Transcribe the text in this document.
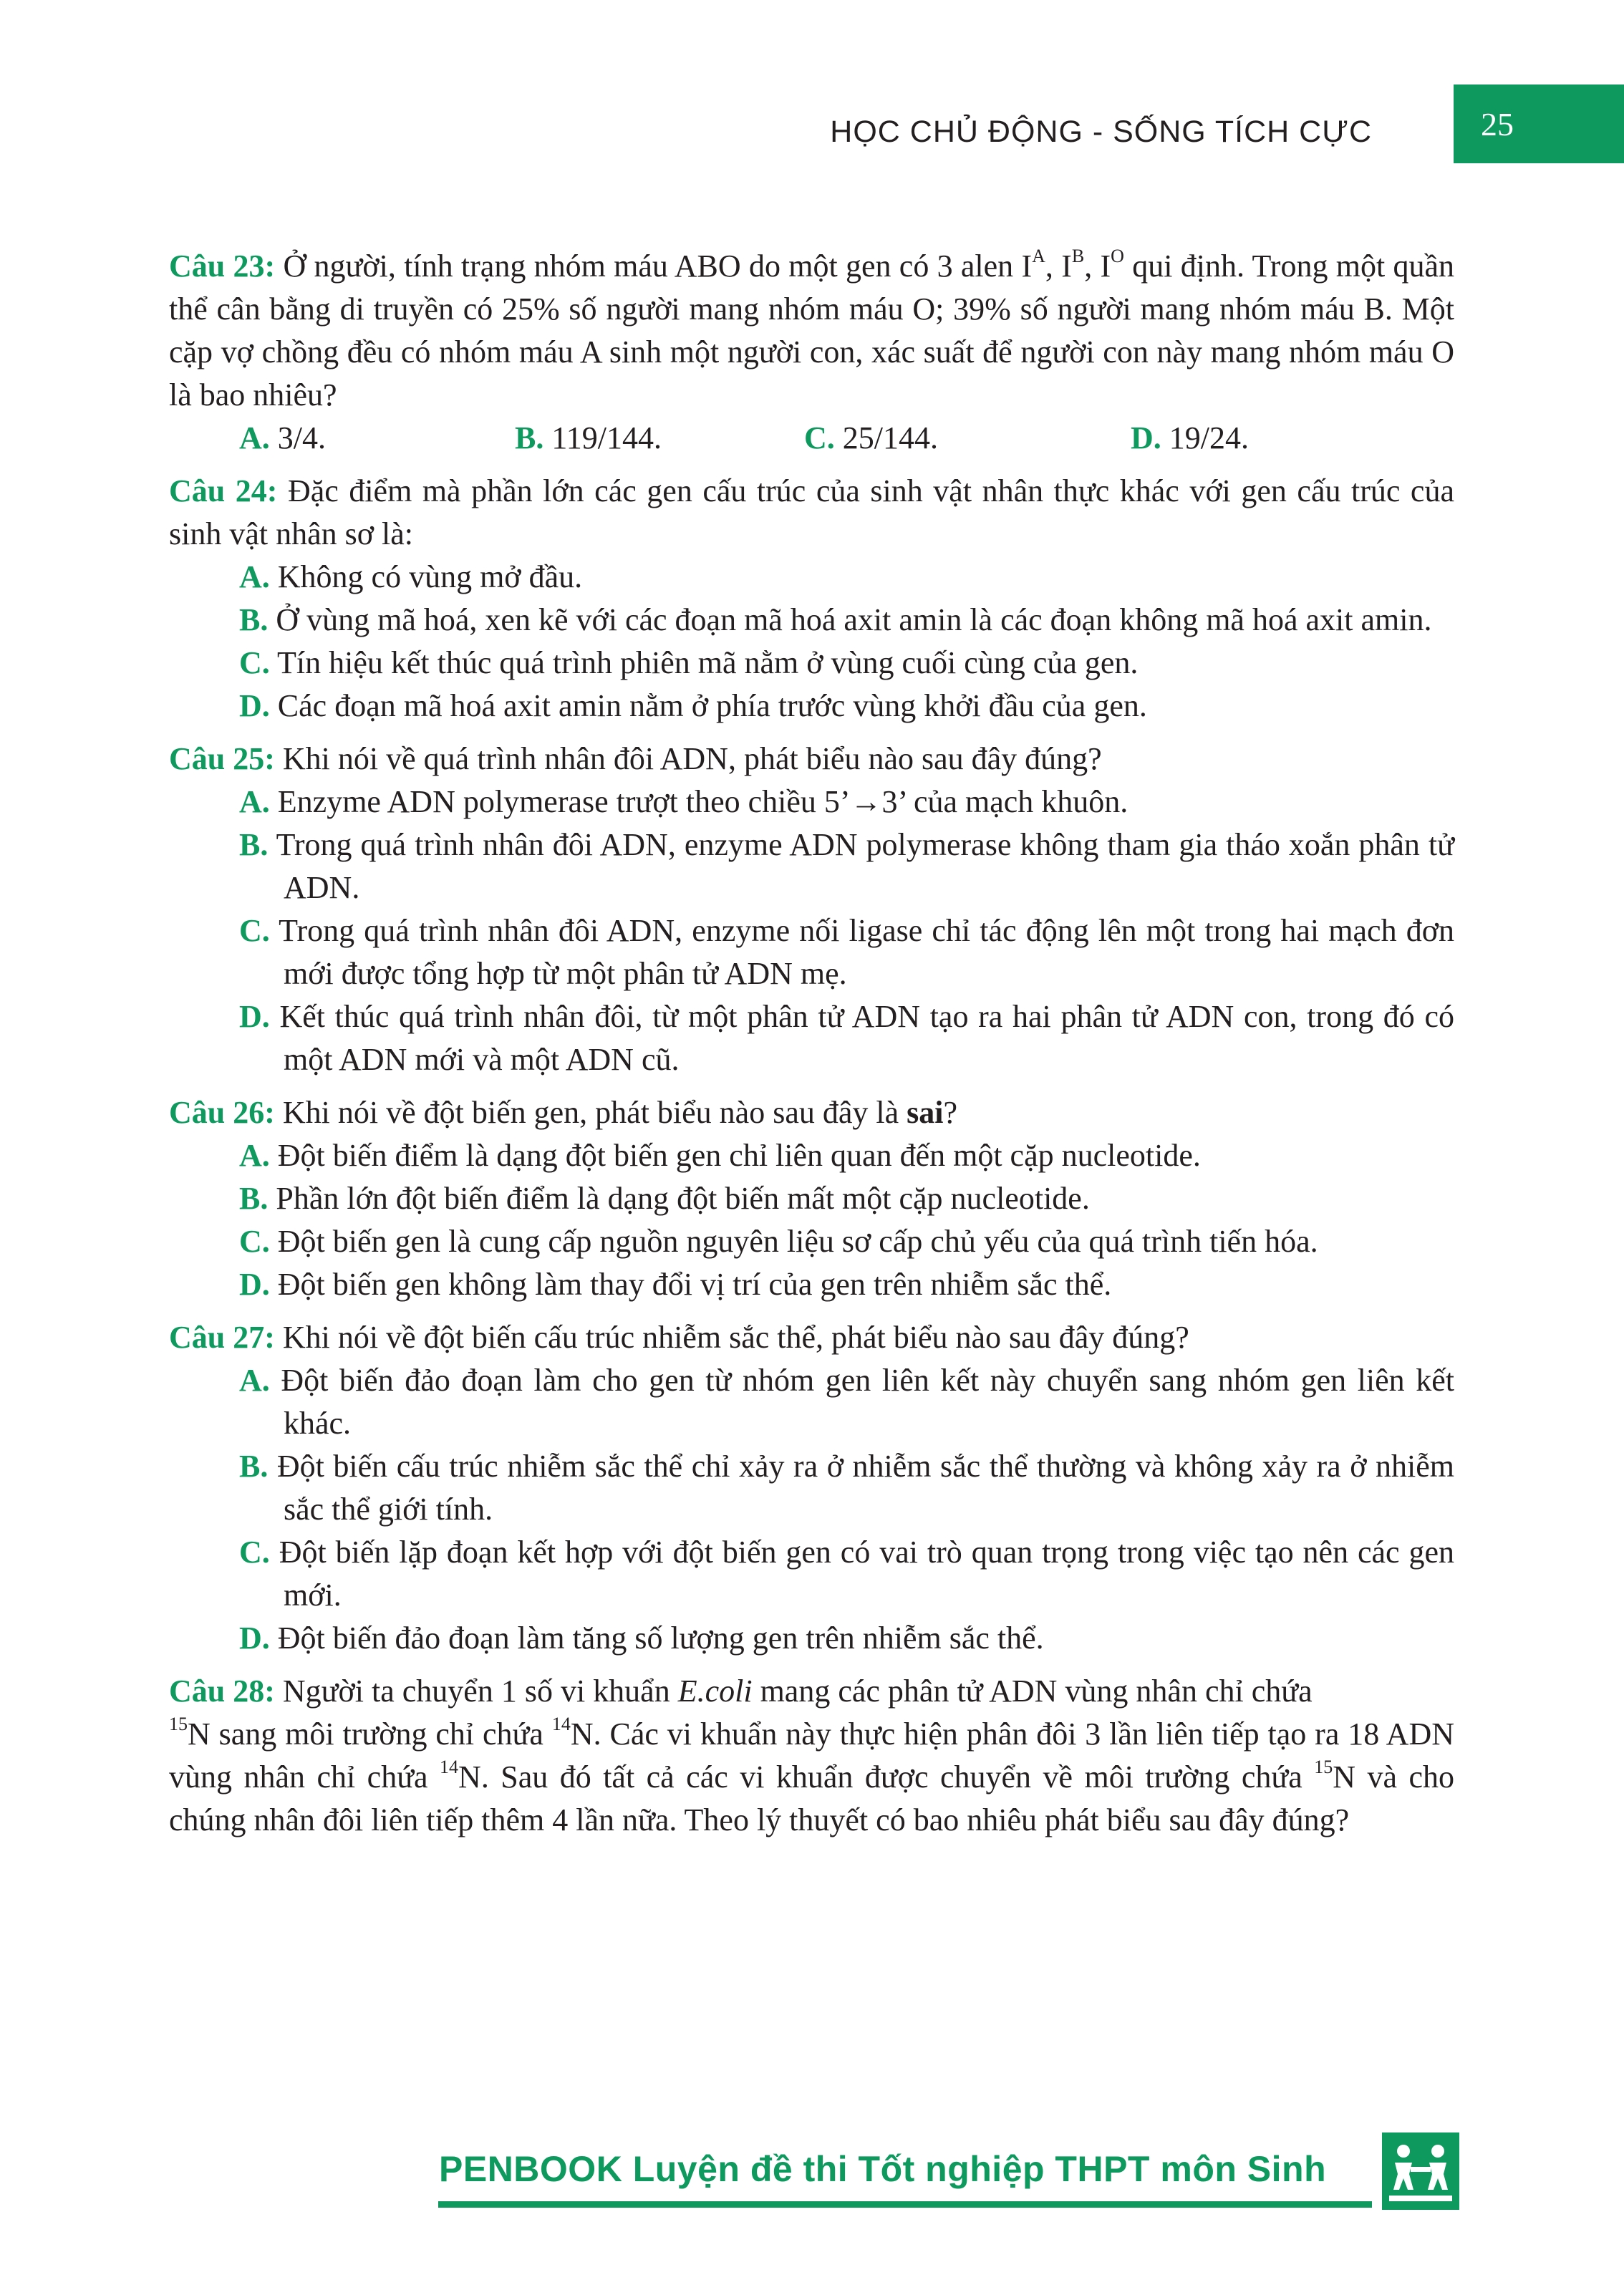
HỌC CHỦ ĐỘNG - SỐNG TÍCH CỰC	25
Câu 23: Ở người, tính trạng nhóm máu ABO do một gen có 3 alen $I^A$, $I^B$, $I^O$ qui định. Trong một quần thể cân bằng di truyền có 25% số người mang nhóm máu O; 39% số người mang nhóm máu B. Một cặp vợ chồng đều có nhóm máu A sinh một người con, xác suất để người con này mang nhóm máu O là bao nhiêu?
A. 3/4.	B. 119/144.	C. 25/144.	D. 19/24.
Câu 24: Đặc điểm mà phần lớn các gen cấu trúc của sinh vật nhân thực khác với gen cấu trúc của sinh vật nhân sơ là:
A. Không có vùng mở đầu.
B. Ở vùng mã hoá, xen kẽ với các đoạn mã hoá axit amin là các đoạn không mã hoá axit amin.
C. Tín hiệu kết thúc quá trình phiên mã nằm ở vùng cuối cùng của gen.
D. Các đoạn mã hoá axit amin nằm ở phía trước vùng khởi đầu của gen.
Câu 25: Khi nói về quá trình nhân đôi ADN, phát biểu nào sau đây đúng?
A. Enzyme ADN polymerase trượt theo chiều 5’→3’ của mạch khuôn.
B. Trong quá trình nhân đôi ADN, enzyme ADN polymerase không tham gia tháo xoắn phân tử ADN.
C. Trong quá trình nhân đôi ADN, enzyme nối ligase chỉ tác động lên một trong hai mạch đơn mới được tổng hợp từ một phân tử ADN mẹ.
D. Kết thúc quá trình nhân đôi, từ một phân tử ADN tạo ra hai phân tử ADN con, trong đó có một ADN mới và một ADN cũ.
Câu 26: Khi nói về đột biến gen, phát biểu nào sau đây là sai?
A. Đột biến điểm là dạng đột biến gen chỉ liên quan đến một cặp nucleotide.
B. Phần lớn đột biến điểm là dạng đột biến mất một cặp nucleotide.
C. Đột biến gen là cung cấp nguồn nguyên liệu sơ cấp chủ yếu của quá trình tiến hóa.
D. Đột biến gen không làm thay đổi vị trí của gen trên nhiễm sắc thể.
Câu 27: Khi nói về đột biến cấu trúc nhiễm sắc thể, phát biểu nào sau đây đúng?
A. Đột biến đảo đoạn làm cho gen từ nhóm gen liên kết này chuyển sang nhóm gen liên kết khác.
B. Đột biến cấu trúc nhiễm sắc thể chỉ xảy ra ở nhiễm sắc thể thường và không xảy ra ở nhiễm sắc thể giới tính.
C. Đột biến lặp đoạn kết hợp với đột biến gen có vai trò quan trọng trong việc tạo nên các gen mới.
D. Đột biến đảo đoạn làm tăng số lượng gen trên nhiễm sắc thể.
Câu 28: Người ta chuyển 1 số vi khuẩn E.coli mang các phân tử ADN vùng nhân chỉ chứa
$^{15}$N sang môi trường chỉ chứa $^{14}$N. Các vi khuẩn này thực hiện phân đôi 3 lần liên tiếp tạo ra 18 ADN vùng nhân chỉ chứa $^{14}$N. Sau đó tất cả các vi khuẩn được chuyển về môi trường chứa $^{15}$N và cho chúng nhân đôi liên tiếp thêm 4 lần nữa. Theo lý thuyết có bao nhiêu phát biểu sau đây đúng?
PENBOOK Luyện đề thi Tốt nghiệp THPT môn Sinh
